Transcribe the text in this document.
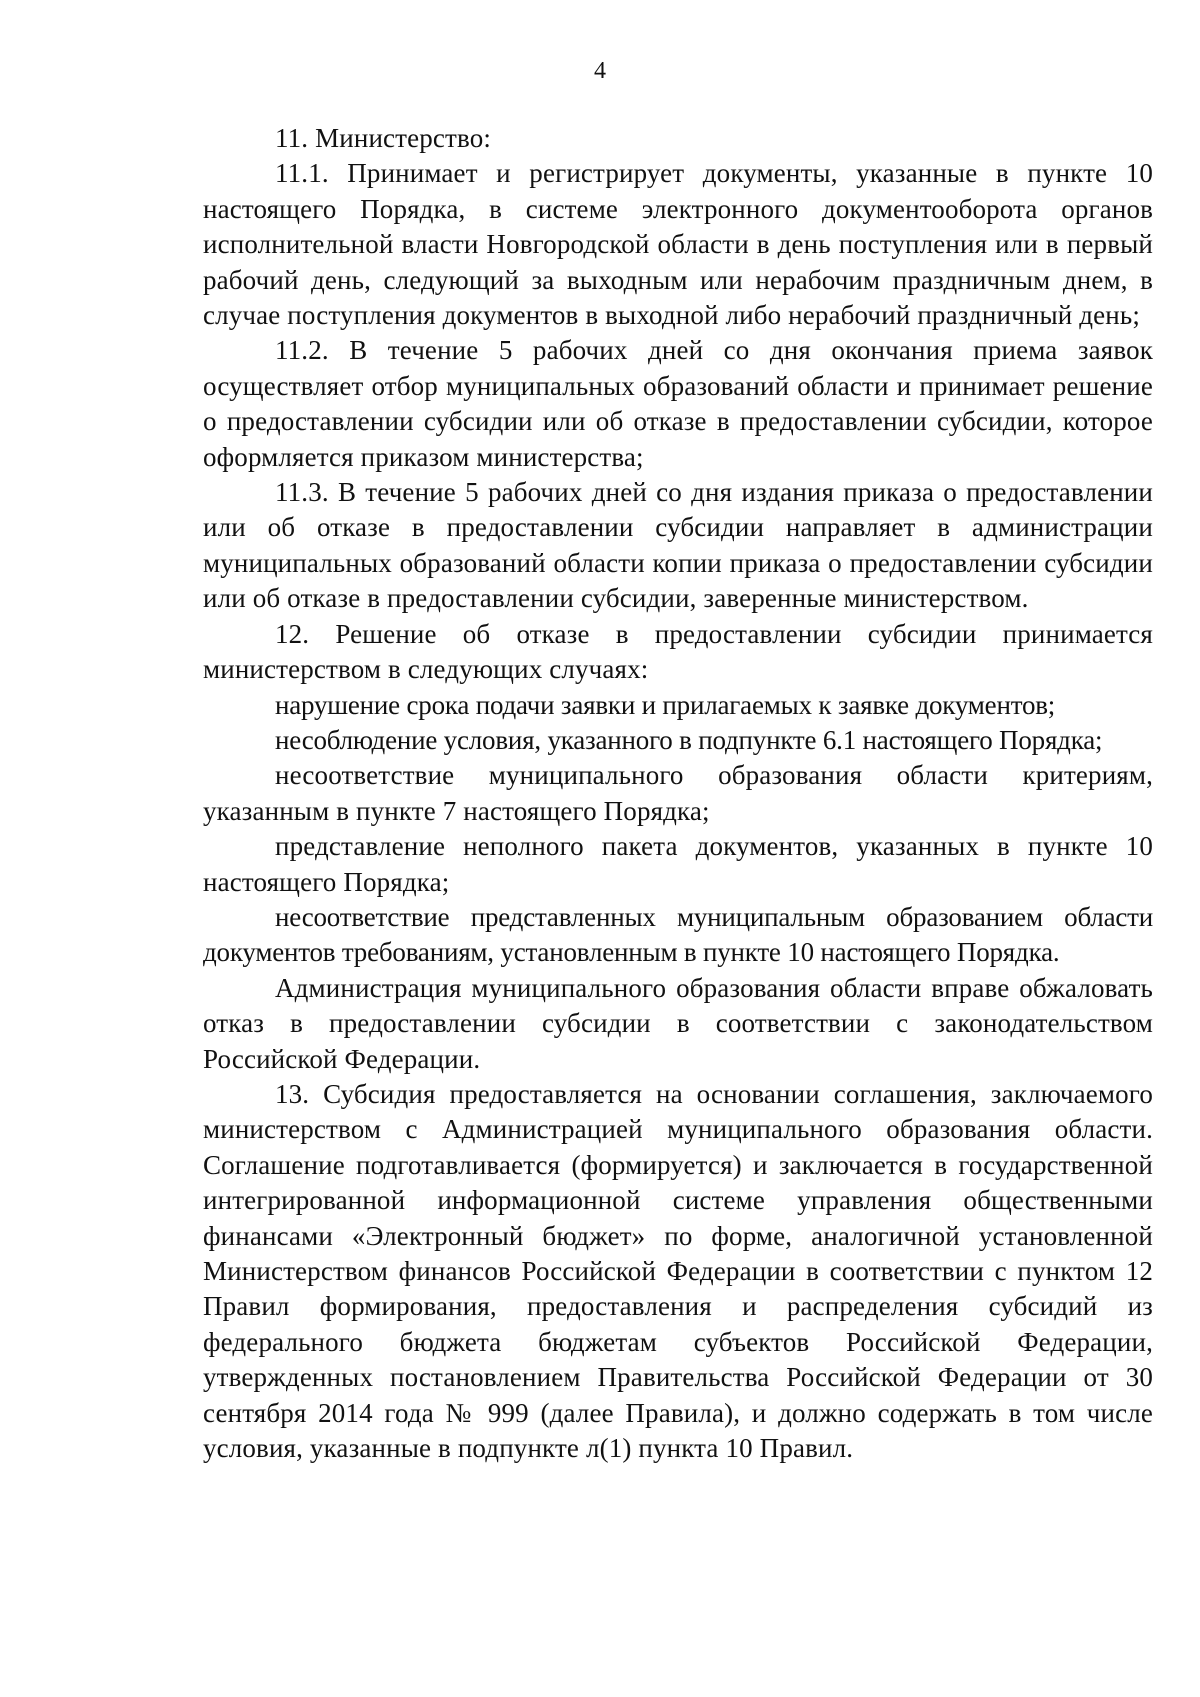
4

11. Министерство:

11.1. Принимает и регистрирует документы, указанные в пункте 10 настоящего Порядка, в системе электронного документооборота органов исполнительной власти Новгородской области в день поступления или в первый рабочий день, следующий за выходным или нерабочим праздничным днем, в случае поступления документов в выходной либо нерабочий праздничный день;

11.2. В течение 5 рабочих дней со дня окончания приема заявок осуществляет отбор муниципальных образований области и принимает решение о предоставлении субсидии или об отказе в предоставлении субсидии, которое оформляется приказом министерства;

11.3. В течение 5 рабочих дней со дня издания приказа о предоставлении или об отказе в предоставлении субсидии направляет в администрации муниципальных образований области копии приказа о предоставлении субсидии или об отказе в предоставлении субсидии, заверенные министерством.

12. Решение об отказе в предоставлении субсидии принимается министерством в следующих случаях:

нарушение срока подачи заявки и прилагаемых к заявке документов;

несоблюдение условия, указанного в подпункте 6.1 настоящего Порядка;

несоответствие муниципального образования области критериям, указанным в пункте 7 настоящего Порядка;

представление неполного пакета документов, указанных в пункте 10 настоящего Порядка;

несоответствие представленных муниципальным образованием области документов требованиям, установленным в пункте 10 настоящего Порядка.

Администрация муниципального образования области вправе обжаловать отказ в предоставлении субсидии в соответствии с законодательством Российской Федерации.

13. Субсидия предоставляется на основании соглашения, заключаемого министерством с Администрацией муниципального образования области. Соглашение подготавливается (формируется) и заключается в государственной интегрированной информационной системе управления общественными финансами «Электронный бюджет» по форме, аналогичной установленной Министерством финансов Российской Федерации в соответствии с пунктом 12 Правил формирования, предоставления и распределения субсидий из федерального бюджета бюджетам субъектов Российской Федерации, утвержденных постановлением Правительства Российской Федерации от 30 сентября 2014 года № 999 (далее Правила), и должно содержать в том числе условия, указанные в подпункте л(1) пункта 10 Правил.
